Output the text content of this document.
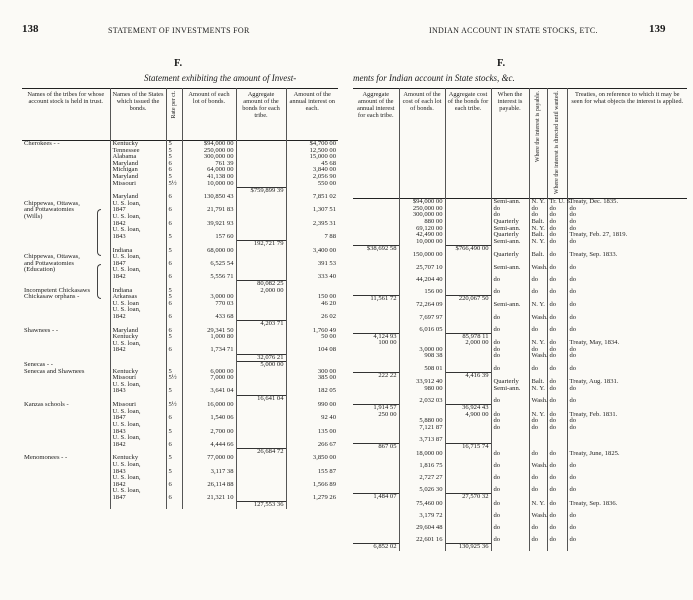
138	STATEMENT OF INVESTMENTS FOR
F.
Statement exhibiting the amount of Invest-
Names of the tribes for whose account stock is held in trust.	Names of the States which issued the bonds.	Rate per ct.	Amount of each lot of bonds.	Aggregate amount of the bonds for each tribe.	Amount of the annual interest on each.
Cherokees - -	Kentucky	5	$94,000 00		$4,700 00
	Tennessee	5	250,000 00		12,500 00
	Alabama	5	300,000 00		15,000 00
	Maryland	6	761 39		45 68
	Michigan	6	64,000 00		3,840 00
	Maryland	5	41,138 00		2,056 90
	Missouri	5½	10,000 00		550 00
				$759,899 39	
	Maryland	6	130,850 43		7,851 02
Chippewas, Ottawas,	U. S. loan,				
and Pottawatomies	1847	6	21,791 83		1,307 51
(Wills)	U. S. loan,				
	1842	6	39,921 93		2,395 31
	U. S. loan,				
	1843	5	157 60		7 88
				192,721 79	
	Indiana	5	68,000 00		3,400 00
Chippewas, Ottawas,	U. S. loan,				
and Pottawatomies	1847	6	6,525 54		391 53
(Education)	U. S. loan,				
	1842	6	5,556 71		333 40
				80,082 25	
Incompetent Chickasaws	Indiana	5		2,000 00	
Chickasaw orphans -	Arkansas	5	3,000 00		150 00
	U. S. loan	6	770 03		46 20
	U. S. loan,				
	1842	6	433 68		26 02
				4,203 71	
Shawnees - -	Maryland	6	29,341 50		1,760 49
	Kentucky	5	1,000 80		50 00
	U. S. loan,				
	1842	6	1,734 71		104 08
				32,076 21	
Senecas - -				5,000 00	
Senecas and Shawnees	Kentucky	5	6,000 00		300 00
	Missouri	5½	7,000 00		385 00
	U. S. loan,				
	1843	5	3,641 04		182 05
				16,641 04	
Kanzas schools -	Missouri	5½	16,000 00		990 00
	U. S. loan,				
	1847	6	1,540 06		92 40
	U. S. loan,				
	1843	5	2,700 00		135 00
	U. S. loan,				
	1842	6	4,444 66		266 67
				26,684 72	
Menomonees - -	Kentucky	5	77,000 00		3,850 00
	U. S. loan,				
	1843	5	3,117 38		155 87
	U. S. loan,				
	1842	6	26,114 88		1,566 89
	U. S. loan,				
	1847	6	21,321 10		1,279 26
				127,553 36	
139
INDIAN ACCOUNT IN STATE STOCKS, ETC.
F.
ments for Indian account in State stocks, &c.
Aggregate amount of the annual interest for each tribe.	Amount of the cost of each lot of bonds.	Aggregate cost of the bonds for each tribe.	When the interest is payable.	Where the interest is payable.	Where the interest is directed until wanted.	Treaties, on reference to which it may be seen for what objects the interest is applied.
	$94,000 00		Semi-ann.	N. Y.	Tr. U. S.	Treaty, Dec. 1835.
	250,000 00		do	do	do	do
	300,000 00		do	do	do	do
	880 00		Quarterly	Balt.	do	do
	69,120 00		Semi-ann.	N. Y.	do	do
	42,490 00		Quarterly	Balt.	do	Treaty, Feb. 27, 1819.
	10,000 00		Semi-ann.	N. Y.	do	do
$38,692 58		$766,490 00				
	150,000 00		Quarterly	Balt.	do	Treaty, Sep. 1833.

	25,707 10		Semi-ann.	Wash.	do	do

	44,204 40		do	do	do	do

	156 00		do	do	do	do
11,561 72		220,067 50				
	72,264 09		Semi-ann.	N. Y.	do	do

	7,697 97		do	Wash.	do	do

	6,016 05		do	do	do	do
4,124 93		85,978 11				
100 00		2,000 00	do	N. Y.	do	Treaty, May, 1834.
	3,000 00		do	do	do	do
	908 38		do	Wash.	do	do

	508 01		do	do	do	do
222 22		4,416 39				
	33,912 40		Quarterly	Balt.	do	Treaty, Aug. 1831.
	980 00		Semi-ann.	N. Y.	do	do

	2,032 03		do	Wash.	do	do
1,914 57		36,924 43				
250 00		4,900 00	do	N. Y.	do	Treaty, Feb. 1831.
	5,880 00		do	do	do	do
	7,121 87		do	do	do	do

	3,713 87					
867 05		16,715 74				
	18,000 00		do	do	do	Treaty, June, 1825.

	1,816 75		do	Wash.	do	do

	2,727 27		do	do	do	do

	5,026 30		do	do	do	do
1,484 07		27,570 32				
	75,460 00		do	N. Y.	do	Treaty, Sep. 1836.

	3,179 72		do	Wash.	do	do

	29,604 48		do	do	do	do

	22,601 16		do	do	do	do
6,852 02		130,925 36				
